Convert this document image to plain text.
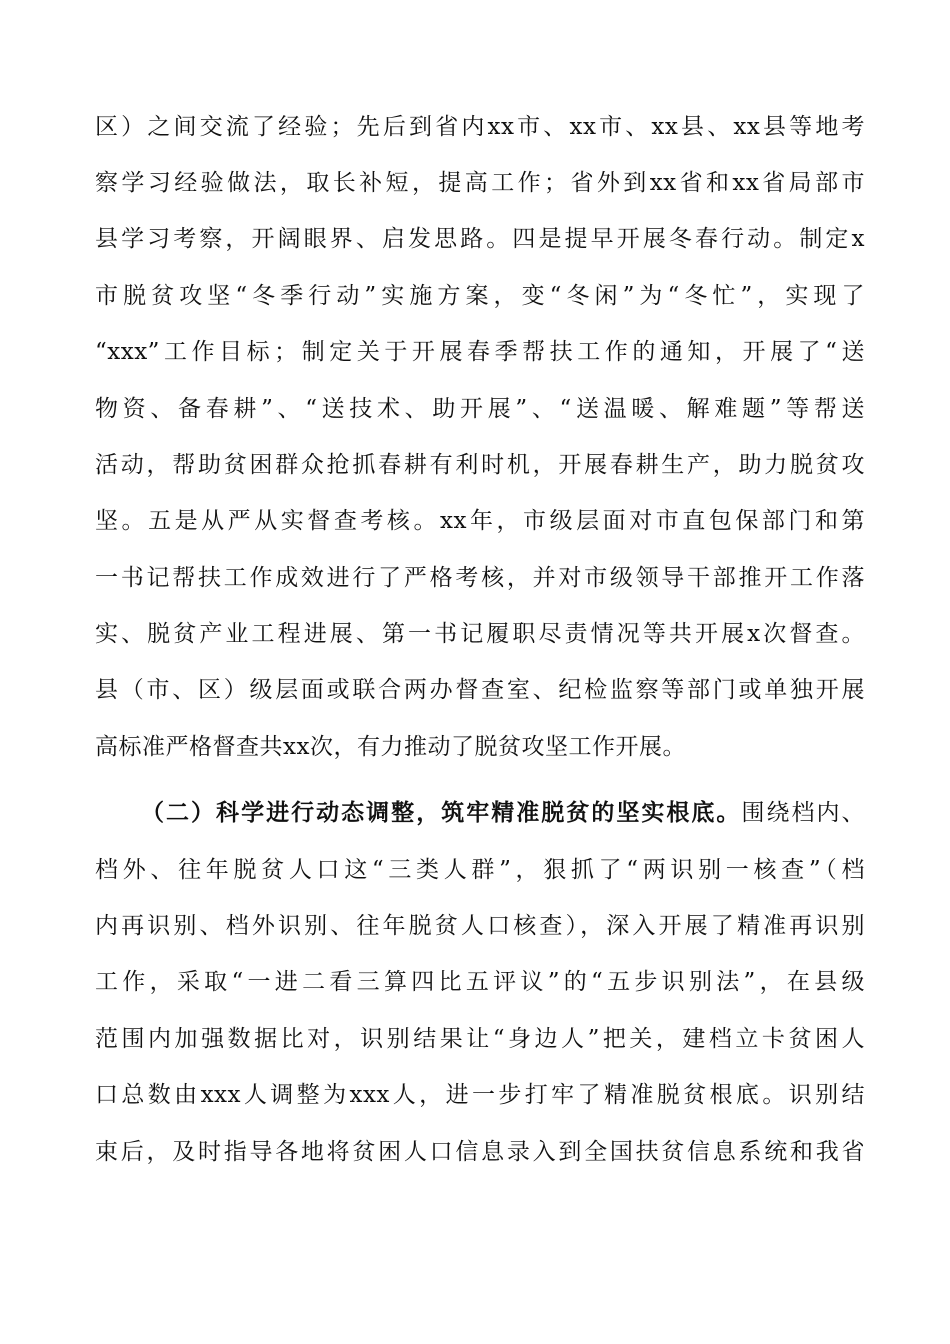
区）之间交流了经验；先后到省内xx市、xx市、xx县、xx县等地考
察学习经验做法，取长补短，提高工作；省外到xx省和xx省局部市
县学习考察，开阔眼界、启发思路。四是提早开展冬春行动。制定x
市脱贫攻坚“冬季行动”实施方案，变“冬闲”为“冬忙”，实现了
“xxx”工作目标；制定关于开展春季帮扶工作的通知，开展了“送
物资、备春耕”、“送技术、助开展”、“送温暖、解难题”等帮送
活动，帮助贫困群众抢抓春耕有利时机，开展春耕生产，助力脱贫攻
坚。五是从严从实督查考核。xx年，市级层面对市直包保部门和第
一书记帮扶工作成效进行了严格考核，并对市级领导干部推开工作落
实、脱贫产业工程进展、第一书记履职尽责情况等共开展x次督查。
县（市、区）级层面或联合两办督查室、纪检监察等部门或单独开展
高标准严格督查共xx次，有力推动了脱贫攻坚工作开展。
（二）科学进行动态调整，筑牢精准脱贫的坚实根底。围绕档内、
档外、往年脱贫人口这“三类人群”，狠抓了“两识别一核查”（档
内再识别、档外识别、往年脱贫人口核查），深入开展了精准再识别
工作，采取“一进二看三算四比五评议”的“五步识别法”，在县级
范围内加强数据比对，识别结果让“身边人”把关，建档立卡贫困人
口总数由xxx人调整为xxx人，进一步打牢了精准脱贫根底。识别结
束后，及时指导各地将贫困人口信息录入到全国扶贫信息系统和我省
